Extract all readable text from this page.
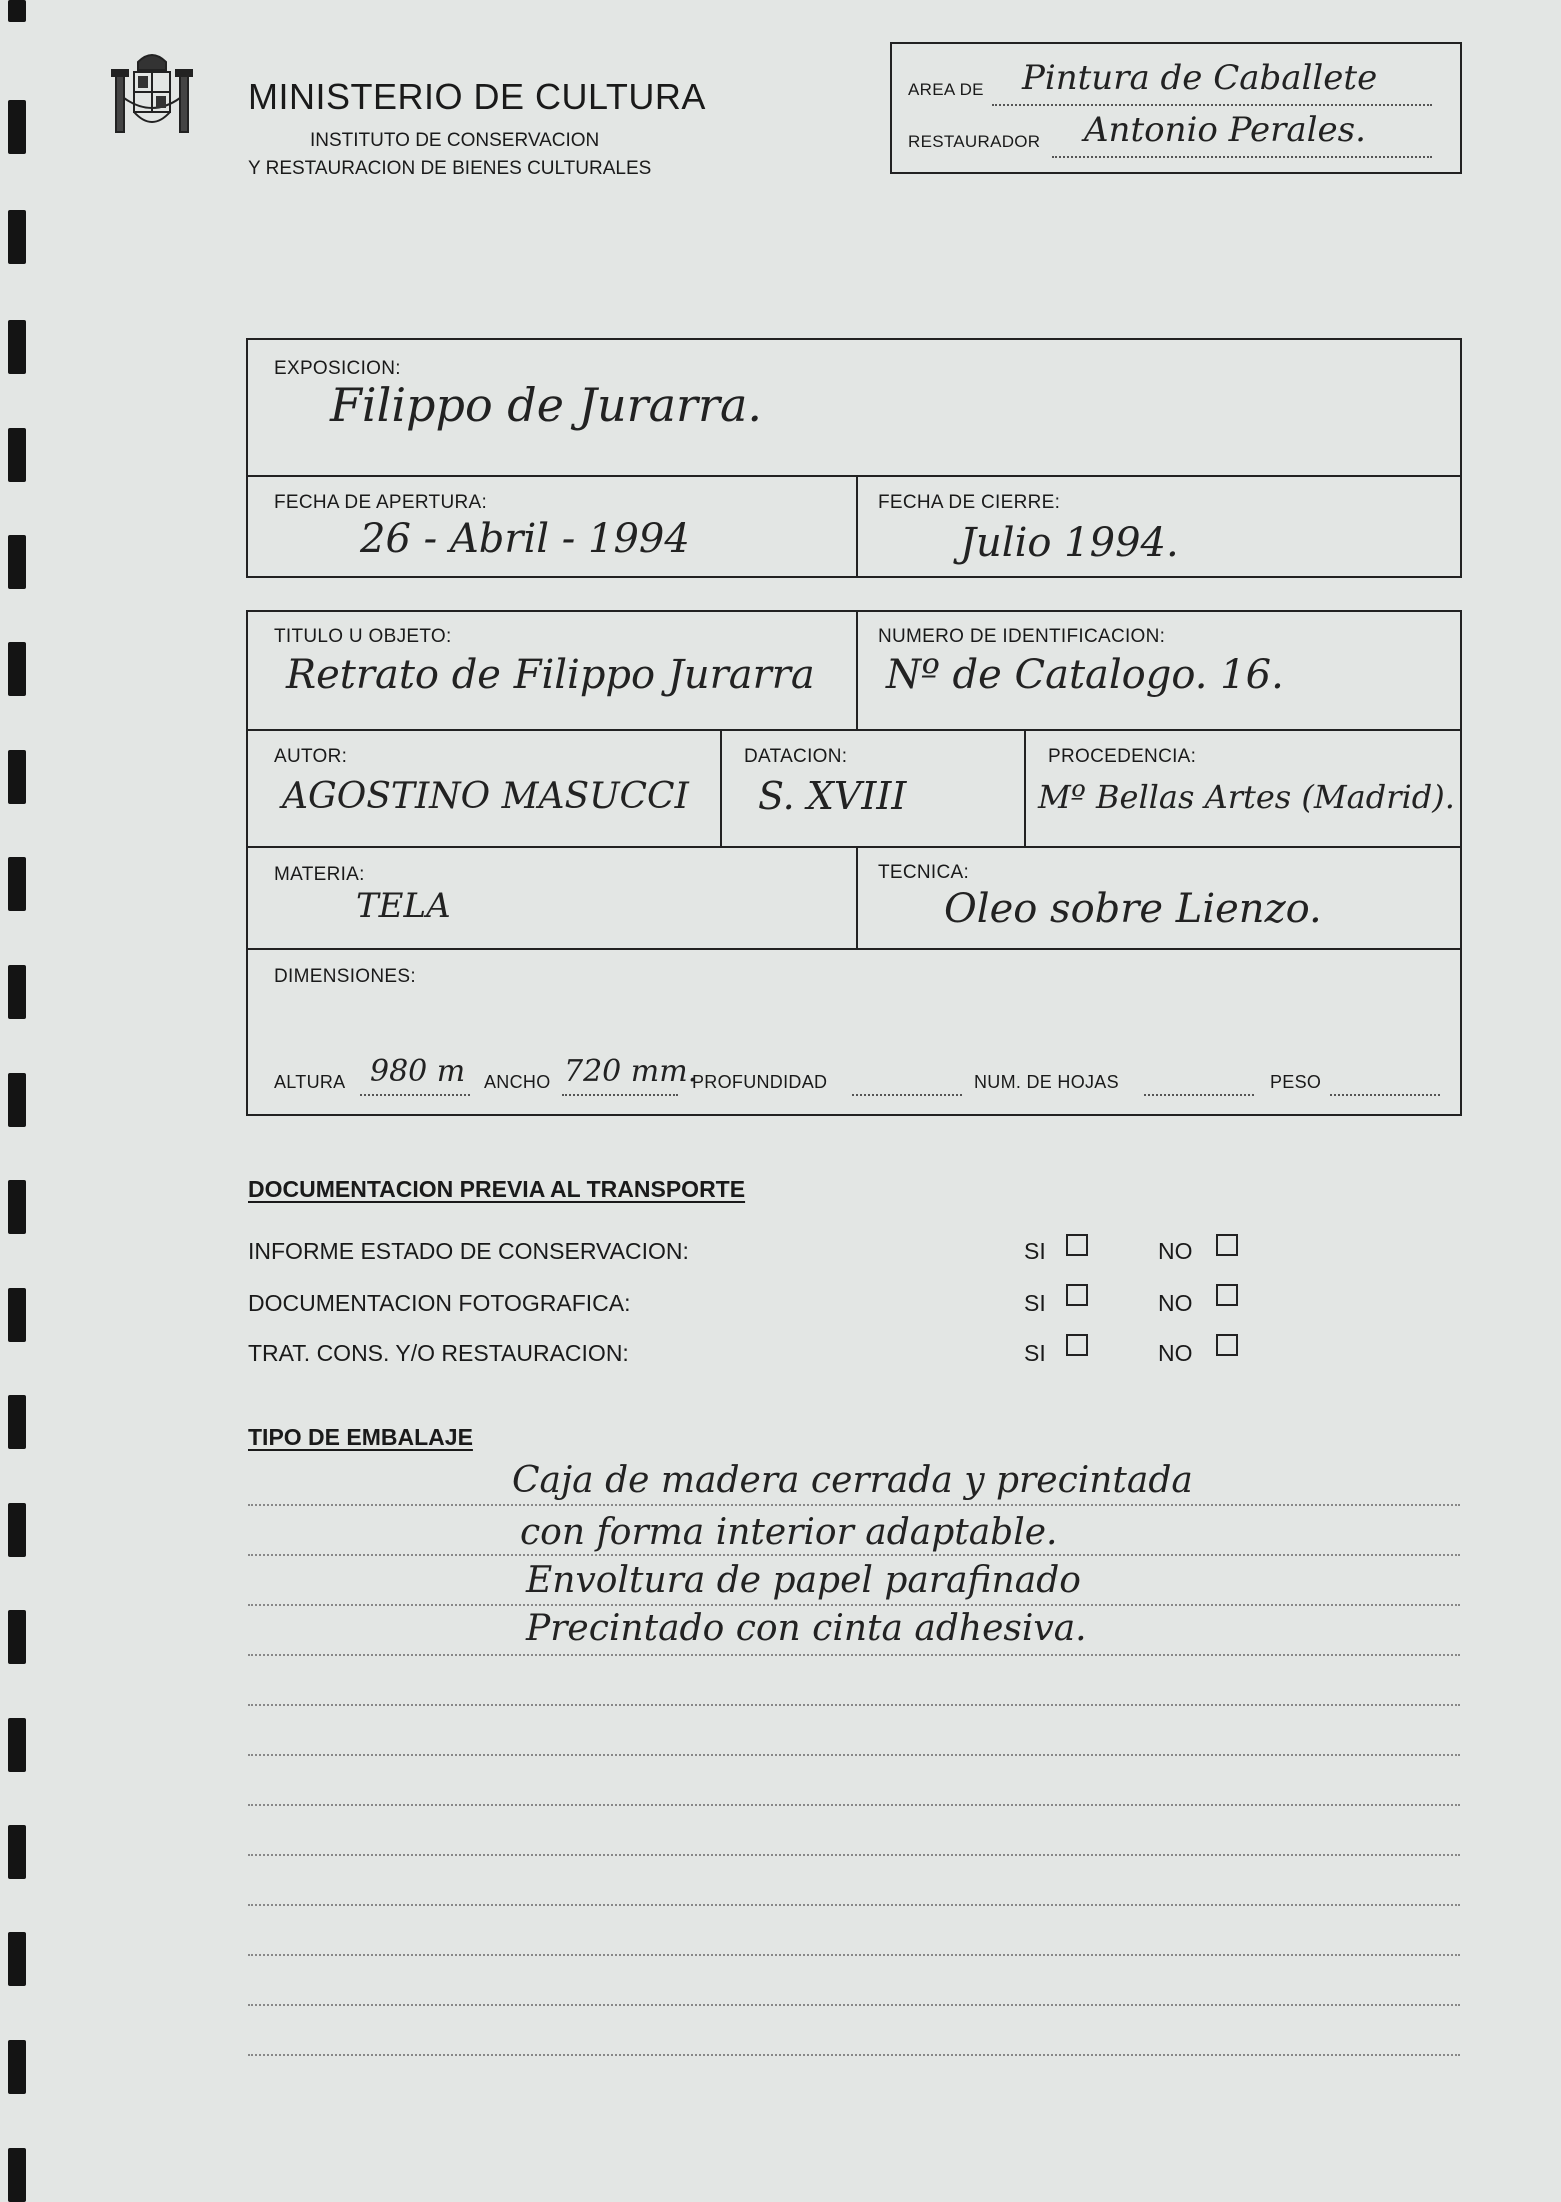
MINISTERIO DE CULTURA
INSTITUTO DE CONSERVACION
Y RESTAURACION DE BIENES CULTURALES
AREA DE Pintura de Caballete
RESTAURADOR Antonio Perales.
EXPOSICION:
Filippo de Jurarra.
FECHA DE APERTURA:
26 - Abril - 1994
FECHA DE CIERRE:
Julio 1994.
TITULO U OBJETO:
Retrato de Filippo Jurarra
NUMERO DE IDENTIFICACION:
Nº de Catalogo. 16.
AUTOR:
AGOSTINO MASUCCI
DATACION:
S. XVIII
PROCEDENCIA:
Mº Bellas Artes (Madrid).
MATERIA:
TELA
TECNICA:
Oleo sobre Lienzo.
DIMENSIONES:
ALTURA 980 m ANCHO 720 mm.
PROFUNDIDAD	NUM. DE HOJAS	PESO
DOCUMENTACION PREVIA AL TRANSPORTE
INFORME ESTADO DE CONSERVACION:	SI	NO
DOCUMENTACION FOTOGRAFICA:	SI	NO
TRAT. CONS. Y/O RESTAURACION:	SI	NO
TIPO DE EMBALAJE
Caja de madera cerrada y precintada
con forma interior adaptable.
Envoltura de papel parafinado
Precintado con cinta adhesiva.
